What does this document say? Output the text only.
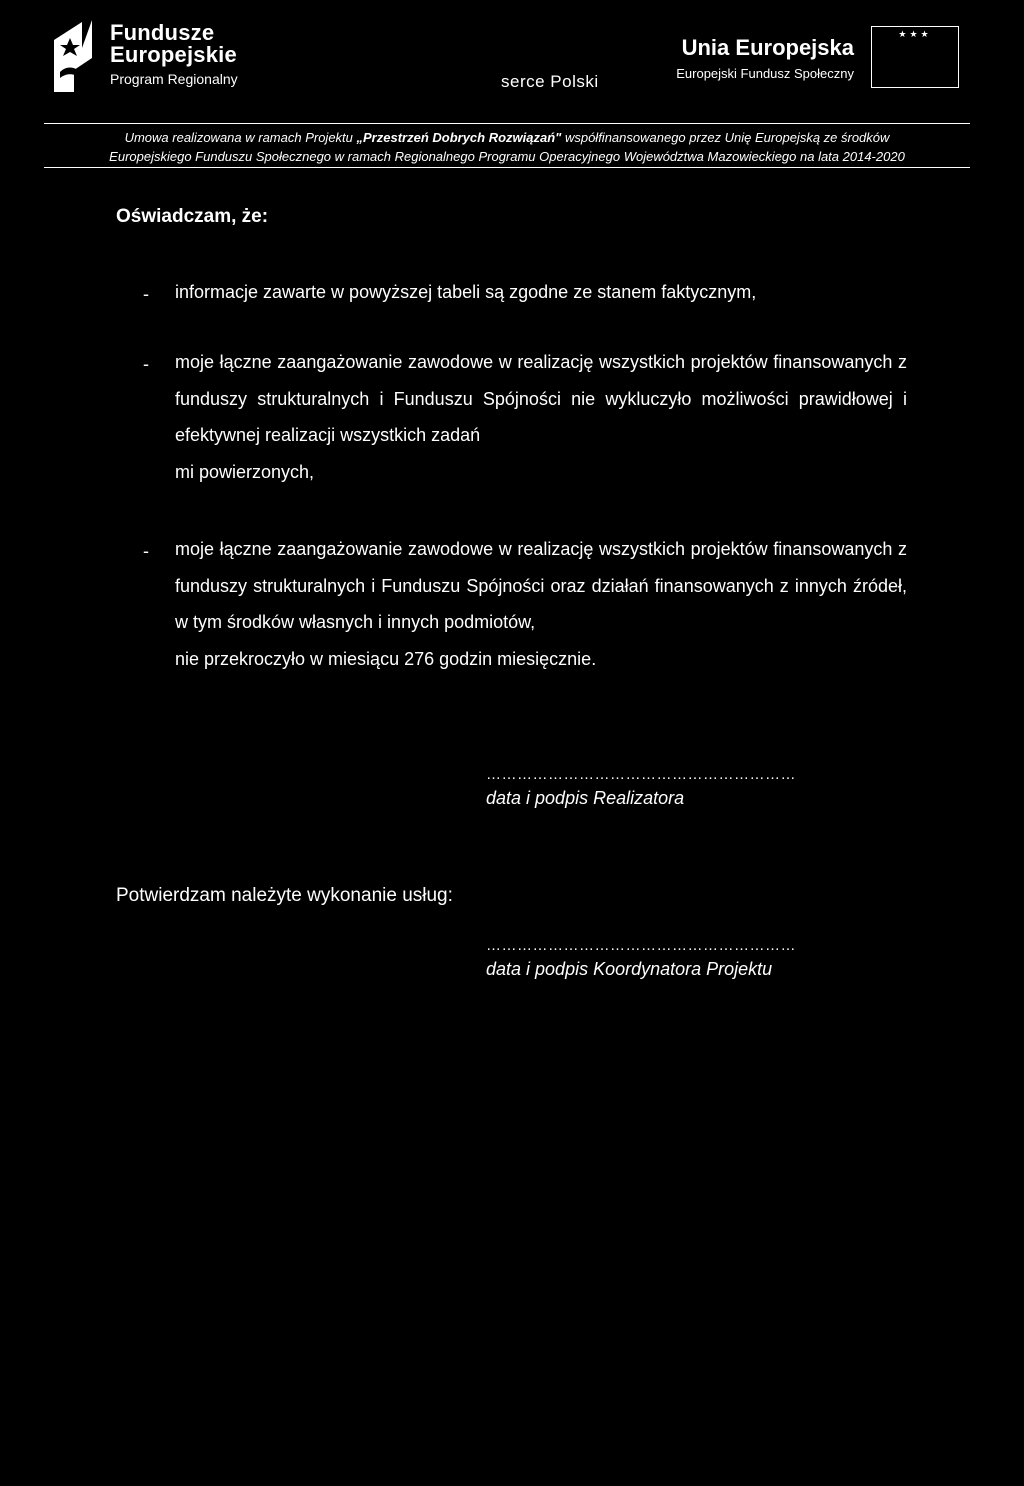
Fundusze
Europejskie
Program Regionalny	serce Polski
Unia Europejska
Europejski Fundusz Społeczny
★★★
Umowa realizowana w ramach Projektu „Przestrzeń Dobrych Rozwiązań" współfinansowanego przez Unię Europejską ze środków
Europejskiego Funduszu Społecznego w ramach Regionalnego Programu Operacyjnego Województwa Mazowieckiego na lata 2014-2020
Oświadczam, że:
- informacje zawarte w powyższej tabeli są zgodne ze stanem faktycznym,
- moje łączne zaangażowanie zawodowe w realizację wszystkich projektów finansowanych z funduszy strukturalnych i Funduszu Spójności nie wykluczyło możliwości prawidłowej i efektywnej realizacji wszystkich zadań
mi powierzonych,
- moje łączne zaangażowanie zawodowe w realizację wszystkich projektów finansowanych z funduszy strukturalnych i Funduszu Spójności oraz działań finansowanych z innych źródeł, w tym środków własnych i innych podmiotów,
nie przekroczyło w miesiącu 276 godzin miesięcznie.
……………………………………………………
data i podpis Realizatora
Potwierdzam należyte wykonanie usług:
……………………………………………………
data i podpis Koordynatora Projektu
